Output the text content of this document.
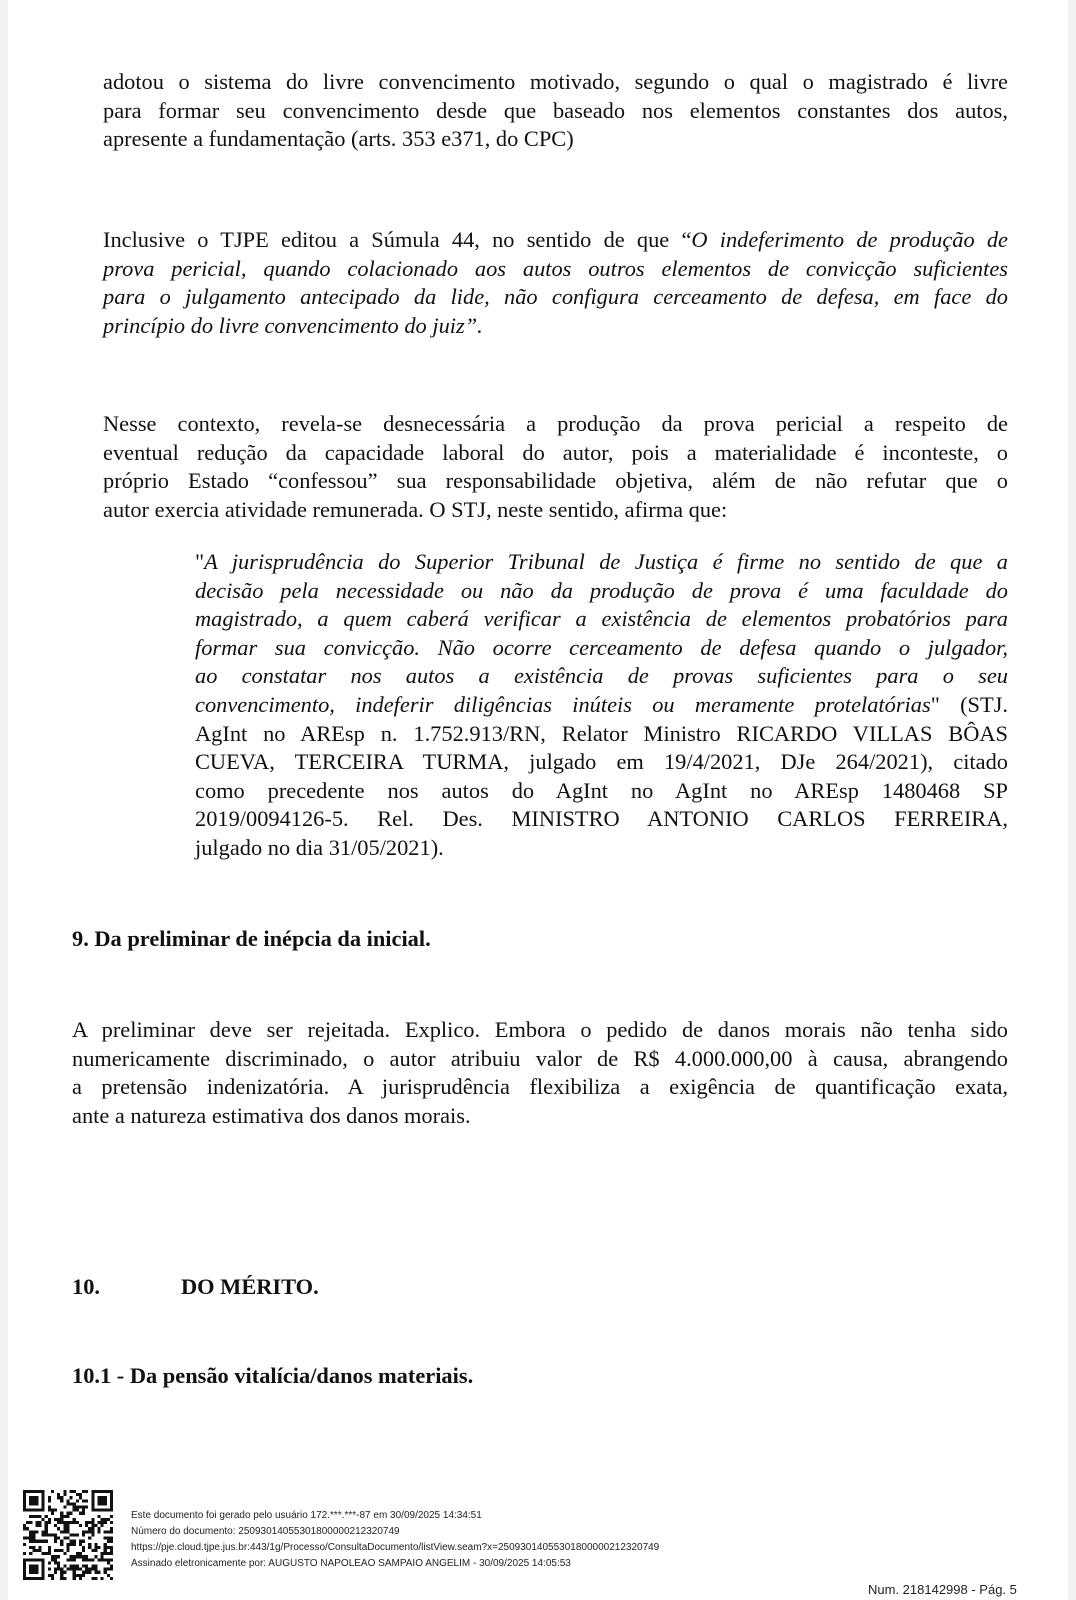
adotou o sistema do livre convencimento motivado, segundo o qual o magistrado é livre
para formar seu convencimento desde que baseado nos elementos constantes dos autos,
apresente a fundamentação (arts. 353 e371, do CPC)

Inclusive o TJPE editou a Súmula 44, no sentido de que “O indeferimento de produção de
prova pericial, quando colacionado aos autos outros elementos de convicção suficientes
para o julgamento antecipado da lide, não configura cerceamento de defesa, em face do
princípio do livre convencimento do juiz”.

Nesse contexto, revela-se desnecessária a produção da prova pericial a respeito de
eventual redução da capacidade laboral do autor, pois a materialidade é inconteste, o
próprio Estado “confessou” sua responsabilidade objetiva, além de não refutar que o
autor exercia atividade remunerada. O STJ, neste sentido, afirma que:

"A jurisprudência do Superior Tribunal de Justiça é firme no sentido de que a
decisão pela necessidade ou não da produção de prova é uma faculdade do
magistrado, a quem caberá verificar a existência de elementos probatórios para
formar sua convicção. Não ocorre cerceamento de defesa quando o julgador,
ao constatar nos autos a existência de provas suficientes para o seu
convencimento, indeferir diligências inúteis ou meramente protelatórias" (STJ.
AgInt no AREsp n. 1.752.913/RN, Relator Ministro RICARDO VILLAS BÔAS
CUEVA, TERCEIRA TURMA, julgado em 19/4/2021, DJe 264/2021), citado
como precedente nos autos do AgInt no AgInt no AREsp 1480468 SP
2019/0094126-5. Rel. Des. MINISTRO ANTONIO CARLOS FERREIRA,
julgado no dia 31/05/2021).

9. Da preliminar de inépcia da inicial.

A preliminar deve ser rejeitada. Explico. Embora o pedido de danos morais não tenha sido
numericamente discriminado, o autor atribuiu valor de R$ 4.000.000,00 à causa, abrangendo
a pretensão indenizatória. A jurisprudência flexibiliza a exigência de quantificação exata,
ante a natureza estimativa dos danos morais.

10.	DO MÉRITO.
10.1 - Da pensão vitalícia/danos materiais.
Este documento foi gerado pelo usuário 172.***.***-87 em 30/09/2025 14:34:51
Número do documento: 25093014055301800000212320749
https://pje.cloud.tjpe.jus.br:443/1g/Processo/ConsultaDocumento/listView.seam?x=25093014055301800000212320749
Assinado eletronicamente por: AUGUSTO NAPOLEAO SAMPAIO ANGELIM - 30/09/2025 14:05:53
Num. 218142998 - Pág. 5
